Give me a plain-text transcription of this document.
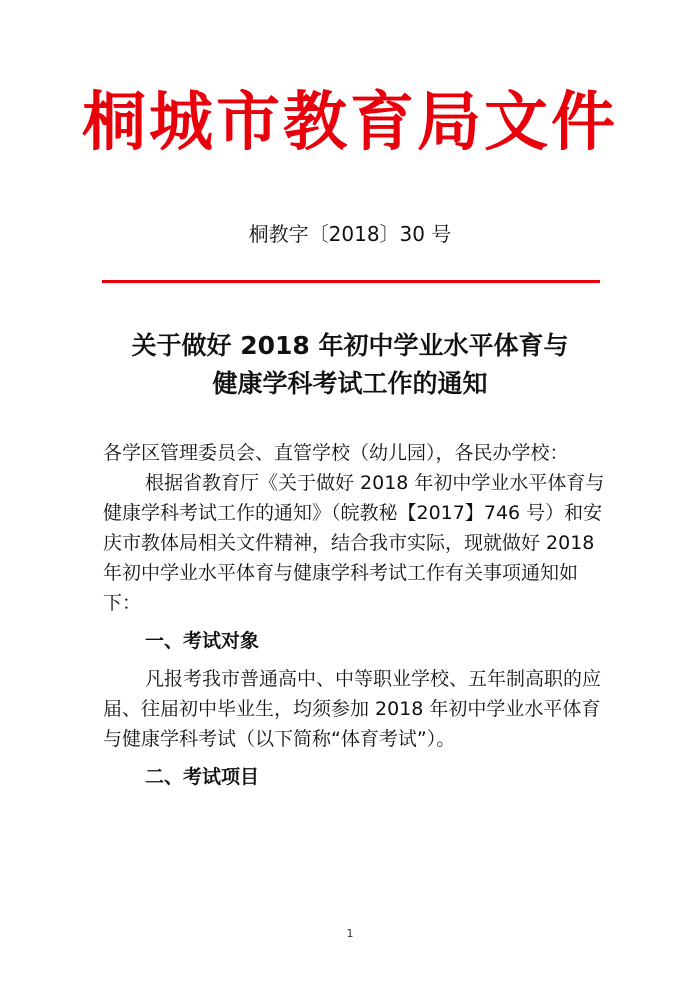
桐城市教育局文件
桐教字〔2018〕30 号
关于做好 2018 年初中学业水平体育与
健康学科考试工作的通知

各学区管理委员会、直管学校（幼儿园），各民办学校：

根据省教育厅《关于做好 2018 年初中学业水平体育与

健康学科考试工作的通知》（皖教秘【2017】746 号）和安

庆市教体局相关文件精神，结合我市实际，现就做好 2018

年初中学业水平体育与健康学科考试工作有关事项通知如

下：

一、考试对象

凡报考我市普通高中、中等职业学校、五年制高职的应

届、往届初中毕业生，均须参加 2018 年初中学业水平体育

与健康学科考试（以下简称“体育考试”）。

二、考试项目

1
